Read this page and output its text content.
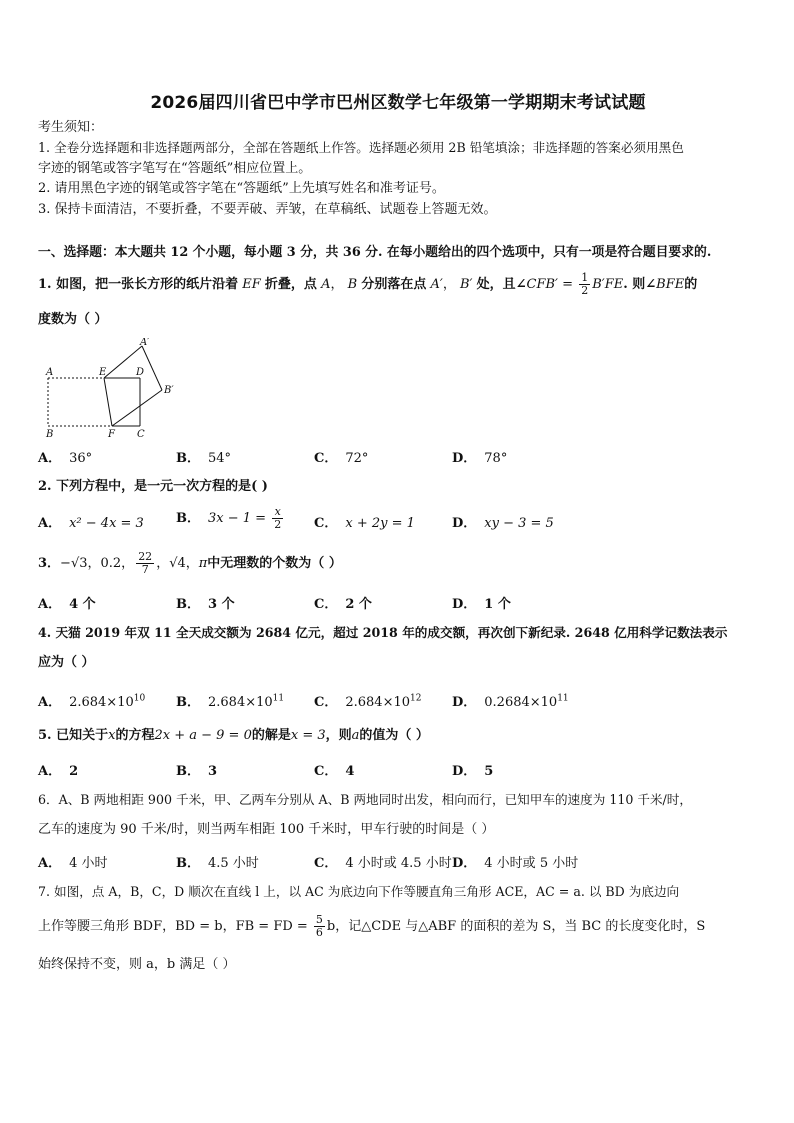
2026届四川省巴中学市巴州区数学七年级第一学期期末考试试题
考生须知：
1. 全卷分选择题和非选择题两部分，全部在答题纸上作答。选择题必须用 2B 铅笔填涂；非选择题的答案必须用黑色
字迹的钢笔或答字笔写在“答题纸”相应位置上。
2. 请用黑色字迹的钢笔或答字笔在“答题纸”上先填写姓名和准考证号。
3. 保持卡面清洁，不要折叠，不要弄破、弄皱，在草稿纸、试题卷上答题无效。
一、选择题：本大题共 12 个小题，每小题 3 分，共 36 分. 在每小题给出的四个选项中，只有一项是符合题目要求的.
1. 如图，把一张长方形的纸片沿着 EF 折叠，点 A， B 分别落在点 A′， B′ 处，且∠CFB′ = $\frac{1}{2} B'FE$. 则∠BFE的
度数为（ ）
A	E	D
A′
B′
B	F C
A． 36°	B． 54°	C． 72°	D． 78°
2. 下列方程中，是一元一次方程的是( )
A． x² − 4x = 3 B． $3x - 1 = \frac{x}{2}$ C． x + 2y = 1	D． xy − 3 = 5
3．−√3，0.2， $\frac{22}{7}$ ，√4，π中无理数的个数为（ ）
A． 4 个	B． 3 个	C． 2 个	D． 1 个
4. 天猫 2019 年双 11 全天成交额为 2684 亿元，超过 2018 年的成交额，再次创下新纪录. 2648 亿用科学记数法表示
应为（ ）
A． $2.684\times 10^{10}$ B． $2.684\times 10^{11}$ C． $2.684\times 10^{12}$ D． $0.2684\times 10^{11}$
5. 已知关于x的方程2x + a − 9 = 0的解是x = 3，则a的值为（ ）
A． 2	B． 3	C． 4	D． 5
6．A、B 两地相距 900 千米，甲、乙两车分别从 A、B 两地同时出发，相向而行，已知甲车的速度为 110 千米/时，
乙车的速度为 90 千米/时，则当两车相距 100 千米时，甲车行驶的时间是（ ）
A． 4 小时	B． 4.5 小时	C． 4 小时或 4.5 小时 D． 4 小时或 5 小时
7. 如图，点 A，B，C，D 顺次在直线 l 上，以 AC 为底边向下作等腰直角三角形 ACE，AC = a. 以 BD 为底边向
上作等腰三角形 BDF，BD = b，FB = FD = $\frac{5}{6}$ b，记△CDE 与△ABF 的面积的差为 S，当 BC 的长度变化时，S
始终保持不变，则 a，b 满足（ ）
